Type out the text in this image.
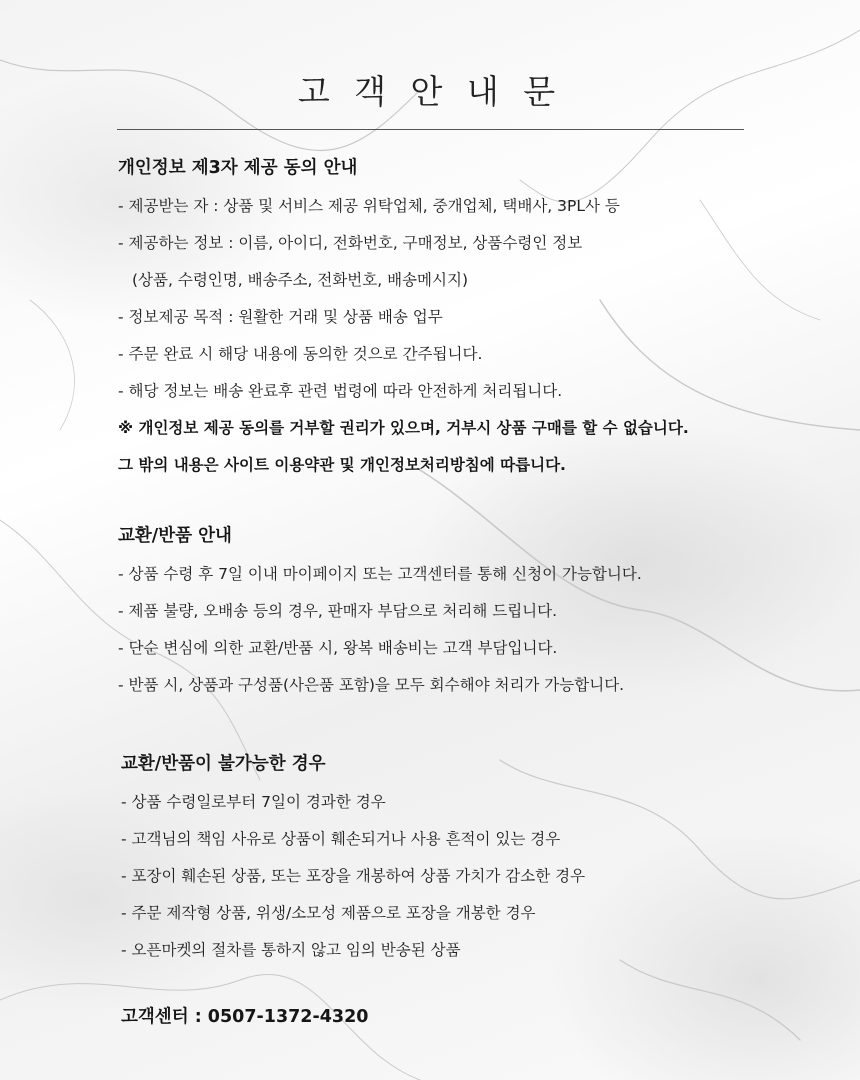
고 객 안 내 문
개인정보 제3자 제공 동의 안내
- 제공받는 자 : 상품 및 서비스 제공 위탁업체, 중개업체, 택배사, 3PL사 등
- 제공하는 정보 : 이름, 아이디, 전화번호, 구매정보, 상품수령인 정보
(상품, 수령인명, 배송주소, 전화번호, 배송메시지)
- 정보제공 목적 : 원활한 거래 및 상품 배송 업무
- 주문 완료 시 해당 내용에 동의한 것으로 간주됩니다.
- 해당 정보는 배송 완료후 관련 법령에 따라 안전하게 처리됩니다.
※ 개인정보 제공 동의를 거부할 권리가 있으며, 거부시 상품 구매를 할 수 없습니다.
그 밖의 내용은 사이트 이용약관 및 개인정보처리방침에 따릅니다.
교환/반품 안내
- 상품 수령 후 7일 이내 마이페이지 또는 고객센터를 통해 신청이 가능합니다.
- 제품 불량, 오배송 등의 경우, 판매자 부담으로 처리해 드립니다.
- 단순 변심에 의한 교환/반품 시, 왕복 배송비는 고객 부담입니다.
- 반품 시, 상품과 구성품(사은품 포함)을 모두 회수해야 처리가 가능합니다.
교환/반품이 불가능한 경우
- 상품 수령일로부터 7일이 경과한 경우
- 고객님의 책임 사유로 상품이 훼손되거나 사용 흔적이 있는 경우
- 포장이 훼손된 상품, 또는 포장을 개봉하여 상품 가치가 감소한 경우
- 주문 제작형 상품, 위생/소모성 제품으로 포장을 개봉한 경우
- 오픈마켓의 절차를 통하지 않고 임의 반송된 상품
고객센터 : 0507-1372-4320
